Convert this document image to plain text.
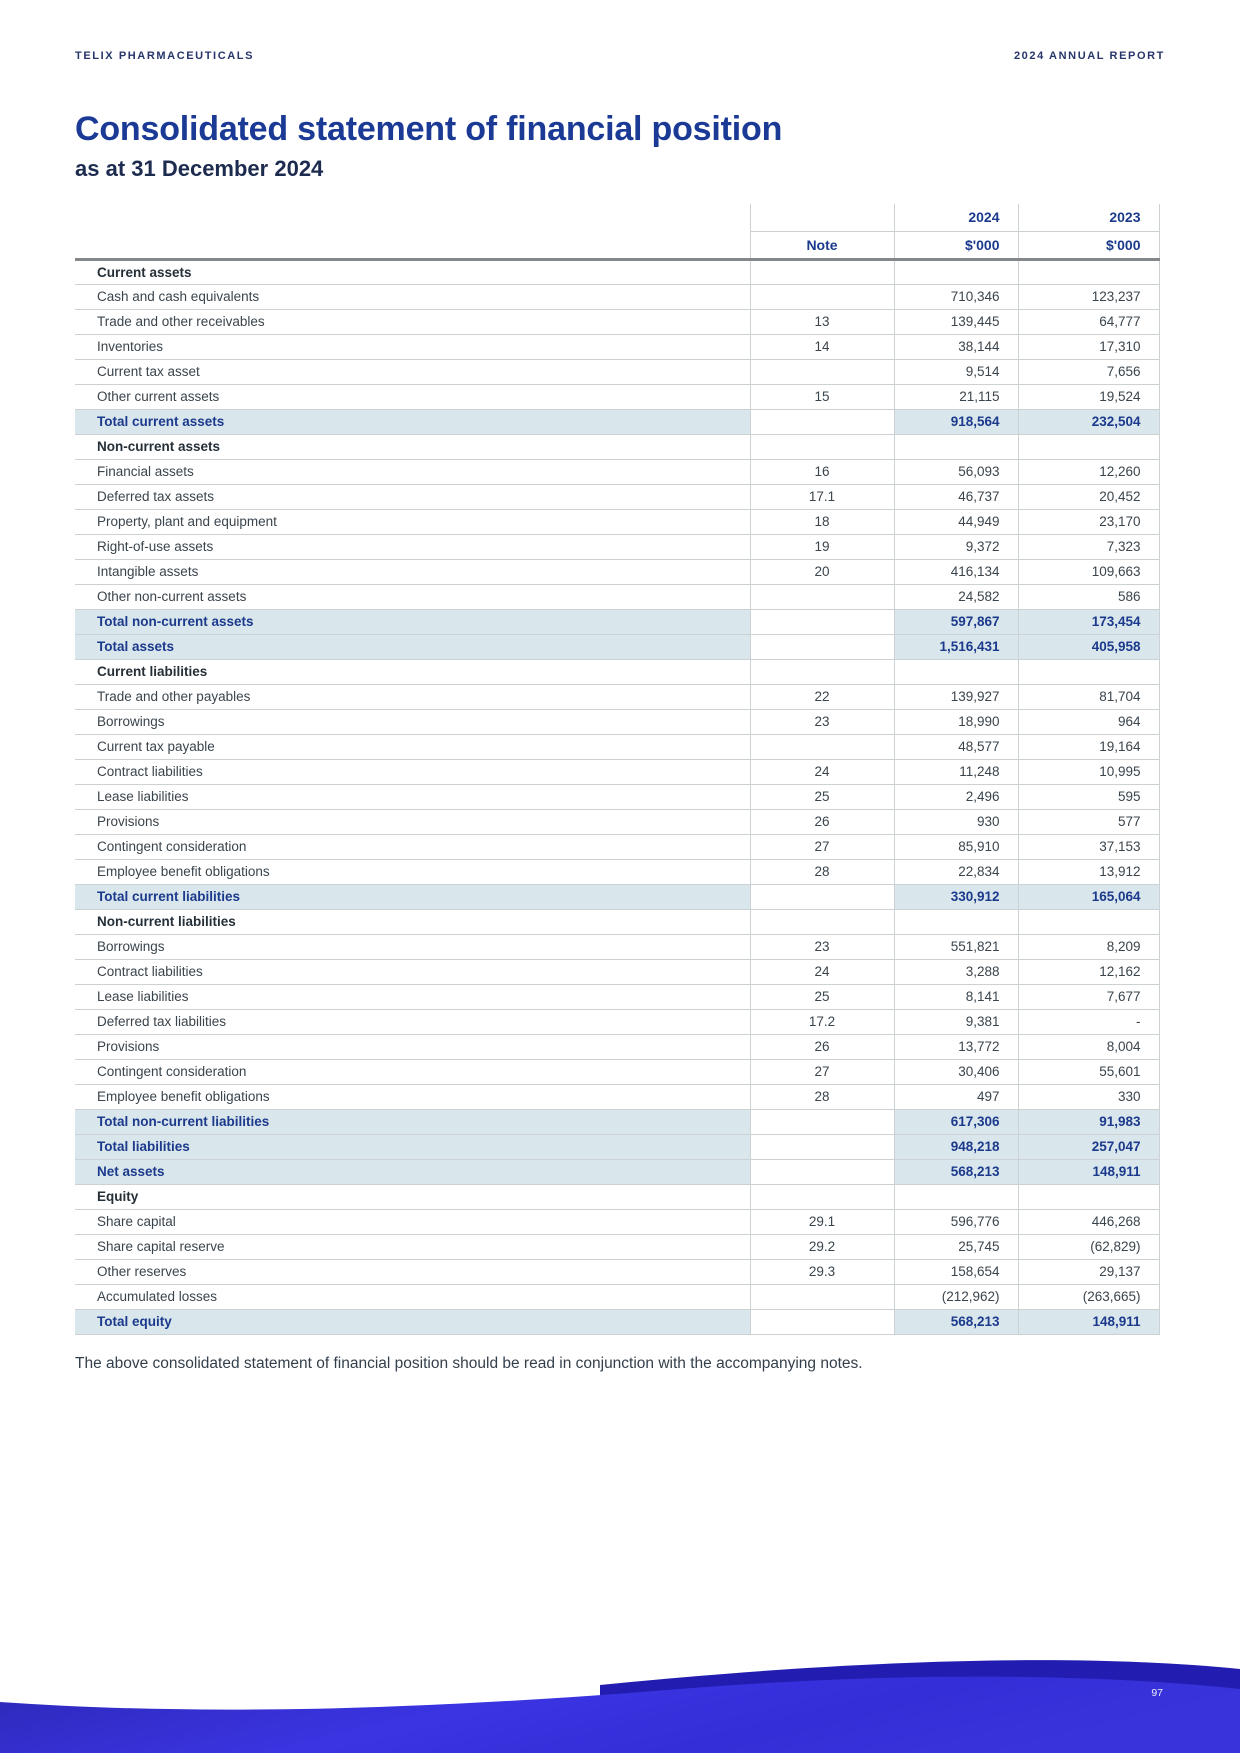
TELIX PHARMACEUTICALS	2024 ANNUAL REPORT
Consolidated statement of financial position
as at 31 December 2024
		2024	2023
	Note	$'000	$'000
Current assets			
Cash and cash equivalents		710,346	123,237
Trade and other receivables	13	139,445	64,777
Inventories	14	38,144	17,310
Current tax asset		9,514	7,656
Other current assets	15	21,115	19,524
Total current assets		918,564	232,504
Non-current assets			
Financial assets	16	56,093	12,260
Deferred tax assets	17.1	46,737	20,452
Property, plant and equipment	18	44,949	23,170
Right-of-use assets	19	9,372	7,323
Intangible assets	20	416,134	109,663
Other non-current assets		24,582	586
Total non-current assets		597,867	173,454
Total assets		1,516,431	405,958
Current liabilities			
Trade and other payables	22	139,927	81,704
Borrowings	23	18,990	964
Current tax payable		48,577	19,164
Contract liabilities	24	11,248	10,995
Lease liabilities	25	2,496	595
Provisions	26	930	577
Contingent consideration	27	85,910	37,153
Employee benefit obligations	28	22,834	13,912
Total current liabilities		330,912	165,064
Non-current liabilities			
Borrowings	23	551,821	8,209
Contract liabilities	24	3,288	12,162
Lease liabilities	25	8,141	7,677
Deferred tax liabilities	17.2	9,381	-
Provisions	26	13,772	8,004
Contingent consideration	27	30,406	55,601
Employee benefit obligations	28	497	330
Total non-current liabilities		617,306	91,983
Total liabilities		948,218	257,047
Net assets		568,213	148,911
Equity			
Share capital	29.1	596,776	446,268
Share capital reserve	29.2	25,745	(62,829)
Other reserves	29.3	158,654	29,137
Accumulated losses		(212,962)	(263,665)
Total equity		568,213	148,911

The above consolidated statement of financial position should be read in conjunction with the accompanying notes.

97
